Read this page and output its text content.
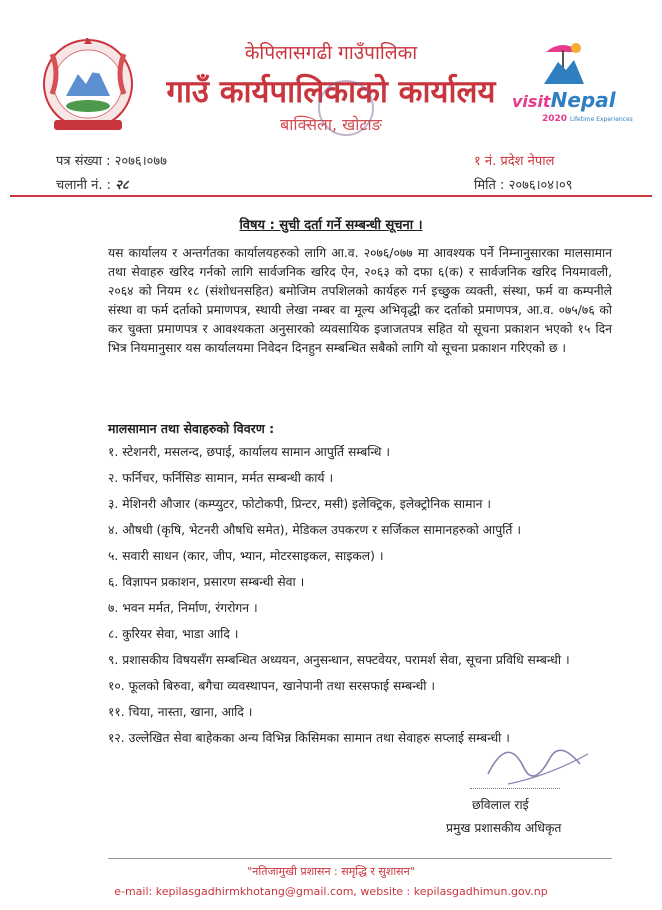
visitNepal
2020 Lifetime Experiences
केपिलासगढी गाउँपालिका
गाउँ कार्यपालिकाको कार्यालय
बाक्सिला, खोटाङ
पत्र संख्या : २०७६।०७७	१ नं. प्रदेश नेपाल
चलानी नं. : २८	मिति : २०७६।०४।०९
विषय : सुची दर्ता गर्ने सम्बन्धी सूचना ।
यस कार्यालय र अन्तर्गतका कार्यालयहरुको लागि आ.व. २०७६/०७७ मा आवश्यक पर्ने निम्नानुसारका मालसामान तथा सेवाहरु खरिद गर्नको लागि सार्वजनिक खरिद ऐन, २०६३ को दफा ६(क) र सार्वजनिक खरिद नियमावली, २०६४ को नियम १८ (संशोधनसहित) बमोजिम तपशिलको कार्यहरु गर्न इच्छुक व्यक्ती, संस्था, फर्म वा कम्पनीले संस्था वा फर्म दर्ताको प्रमाणपत्र, स्थायी लेखा नम्बर वा मूल्य अभिवृद्धी कर दर्ताको प्रमाणपत्र, आ.व. ०७५/७६ को कर चुक्ता प्रमाणपत्र र आवश्यकता अनुसारको व्यवसायिक इजाजतपत्र सहित यो सूचना प्रकाशन भएको १५ दिन भित्र नियमानुसार यस कार्यालयमा निवेदन दिनहुन सम्बन्धित सबैको लागि यो सूचना प्रकाशन गरिएको छ ।
मालसामान तथा सेवाहरुको विवरण :
१. स्टेशनरी, मसलन्द, छपाई, कार्यालय सामान आपुर्ति सम्बन्धि ।
२. फर्निचर, फर्निसिङ सामान, मर्मत सम्बन्धी कार्य ।
३. मेशिनरी औजार (कम्प्युटर, फोटोकपी, प्रिन्टर, मसी) इलेक्ट्रिक, इलेक्ट्रोनिक सामान ।
४. औषधी (कृषि, भेटनरी औषधि समेत), मेडिकल उपकरण र सर्जिकल सामानहरुको आपुर्ति ।
५. सवारी साधन (कार, जीप, भ्यान, मोटरसाइकल, साइकल) ।
६. विज्ञापन प्रकाशन, प्रसारण सम्बन्धी सेवा ।
७. भवन मर्मत, निर्माण, रंगरोगन ।
८. कुरियर सेवा, भाडा आदि ।
९. प्रशासकीय विषयसँग सम्बन्धित अध्ययन, अनुसन्धान, सफ्टवेयर, परामर्श सेवा, सूचना प्रविधि सम्बन्धी ।
१०. फूलको बिरुवा, बगैचा व्यवस्थापन, खानेपानी तथा सरसफाई सम्बन्धी ।
११. चिया, नास्ता, खाना, आदि ।
१२. उल्लेखित सेवा बाहेकका अन्य विभिन्न किसिमका सामान तथा सेवाहरु सप्लाई सम्बन्धी ।
छविलाल राई
प्रमुख प्रशासकीय अधिकृत
"नतिजामुखी प्रशासन : समृद्धि र सुशासन"
e-mail: kepilasgadhirmkhotang@gmail.com, website : kepilasgadhimun.gov.np
